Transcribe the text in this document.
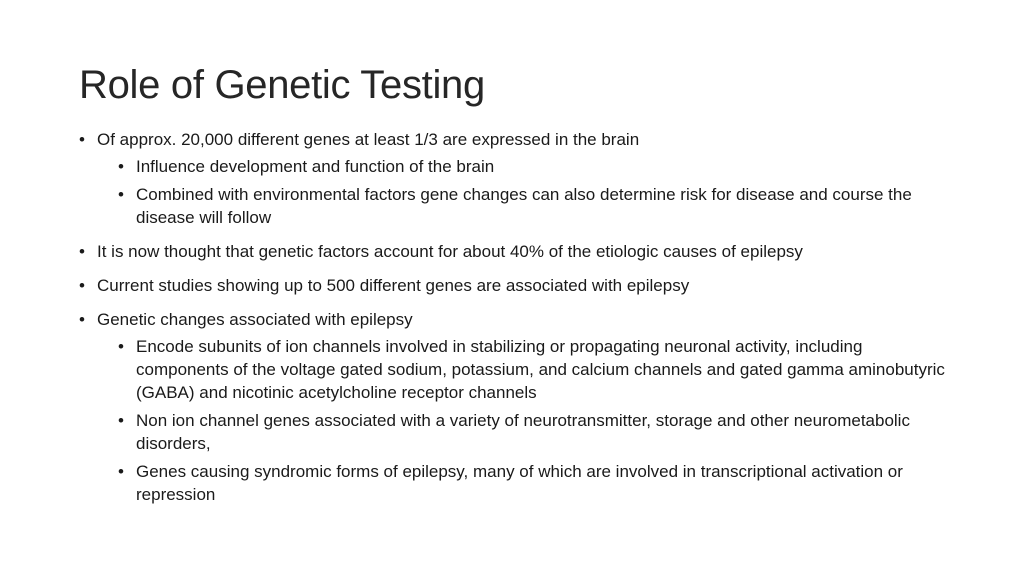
Role of Genetic Testing
• Of approx. 20,000 different genes at least 1/3 are expressed in the brain
• Influence development and function of the brain
• Combined with environmental factors gene changes can also determine risk for disease and course the disease will follow
• It is now thought that genetic factors account for about 40% of the etiologic causes of epilepsy
• Current studies showing up to 500 different genes are associated with epilepsy
• Genetic changes associated with epilepsy
• Encode subunits of ion channels involved in stabilizing or propagating neuronal activity, including components of the voltage gated sodium, potassium, and calcium channels and gated gamma aminobutyric (GABA) and nicotinic acetylcholine receptor channels
• Non ion channel genes associated with a variety of neurotransmitter, storage and other neurometabolic disorders,
• Genes causing syndromic forms of epilepsy, many of which are involved in transcriptional activation or repression
